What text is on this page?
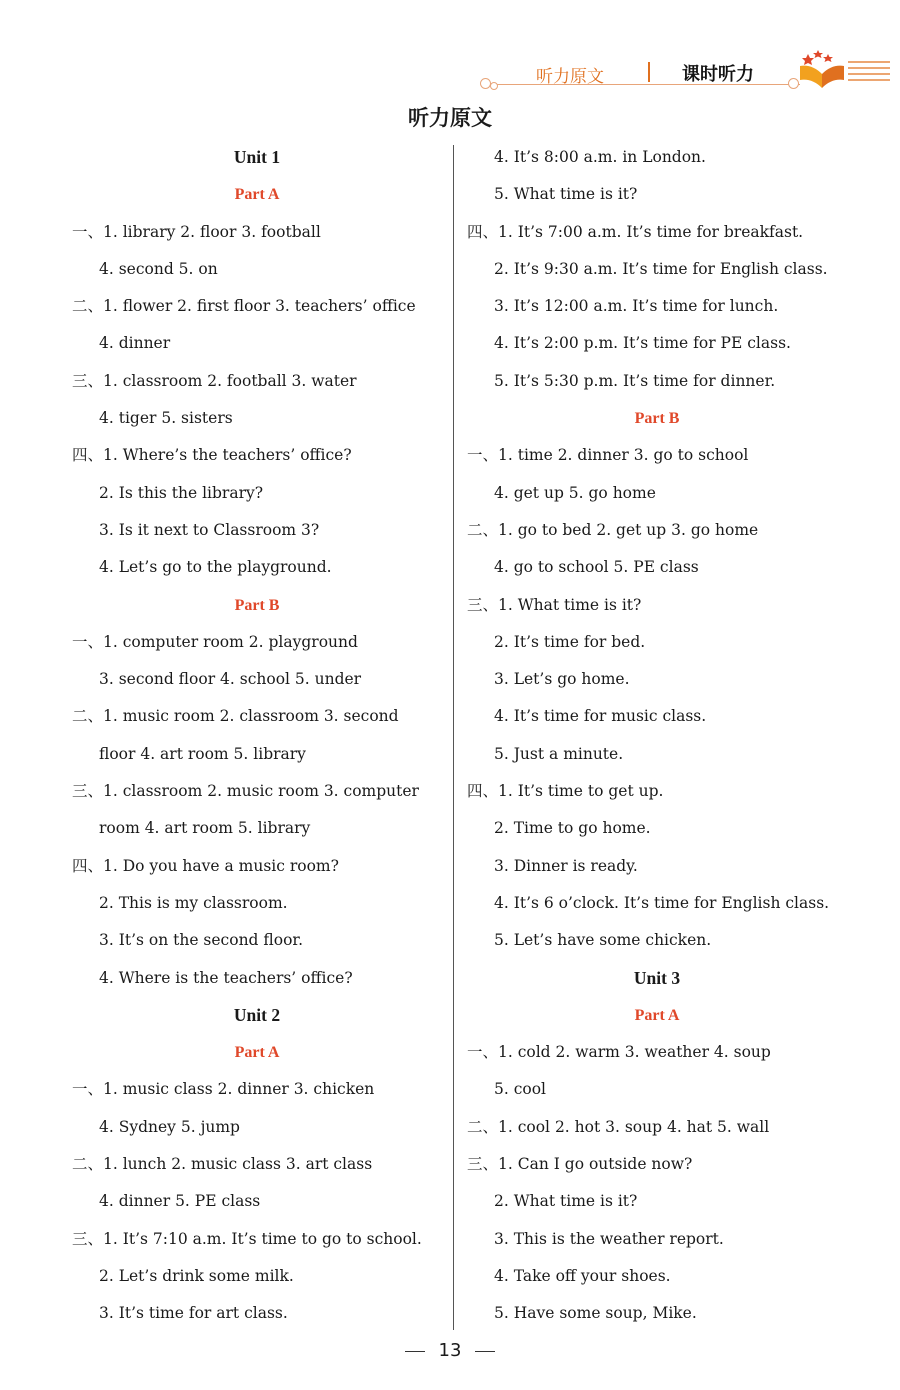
听力原文	课时听力
听力原文
Unit 1
Part A
一、1. library 2. floor 3. football
4. second 5. on
二、1. flower 2. first floor 3. teachers’ office
4. dinner
三、1. classroom 2. football 3. water
4. tiger 5. sisters
四、1. Where’s the teachers’ office?
2. Is this the library?
3. Is it next to Classroom 3?
4. Let’s go to the playground.
Part B
一、1. computer room 2. playground
3. second floor 4. school 5. under
二、1. music room 2. classroom 3. second
floor 4. art room 5. library
三、1. classroom 2. music room 3. computer
room 4. art room 5. library
四、1. Do you have a music room?
2. This is my classroom.
3. It’s on the second floor.
4. Where is the teachers’ office?
Unit 2
Part A
一、1. music class 2. dinner 3. chicken
4. Sydney 5. jump
二、1. lunch 2. music class 3. art class
4. dinner 5. PE class
三、1. It’s 7:10 a.m. It’s time to go to school.
2. Let’s drink some milk.
3. It’s time for art class.
4. It’s 8:00 a.m. in London.
5. What time is it?
四、1. It’s 7:00 a.m. It’s time for breakfast.
2. It’s 9:30 a.m. It’s time for English class.
3. It’s 12:00 a.m. It’s time for lunch.
4. It’s 2:00 p.m. It’s time for PE class.
5. It’s 5:30 p.m. It’s time for dinner.
Part B
一、1. time 2. dinner 3. go to school
4. get up 5. go home
二、1. go to bed 2. get up 3. go home
4. go to school 5. PE class
三、1. What time is it?
2. It’s time for bed.
3. Let’s go home.
4. It’s time for music class.
5. Just a minute.
四、1. It’s time to get up.
2. Time to go home.
3. Dinner is ready.
4. It’s 6 o’clock. It’s time for English class.
5. Let’s have some chicken.
Unit 3
Part A
一、1. cold 2. warm 3. weather 4. soup
5. cool
二、1. cool 2. hot 3. soup 4. hat 5. wall
三、1. Can I go outside now?
2. What time is it?
3. This is the weather report.
4. Take off your shoes.
5. Have some soup, Mike.
13
